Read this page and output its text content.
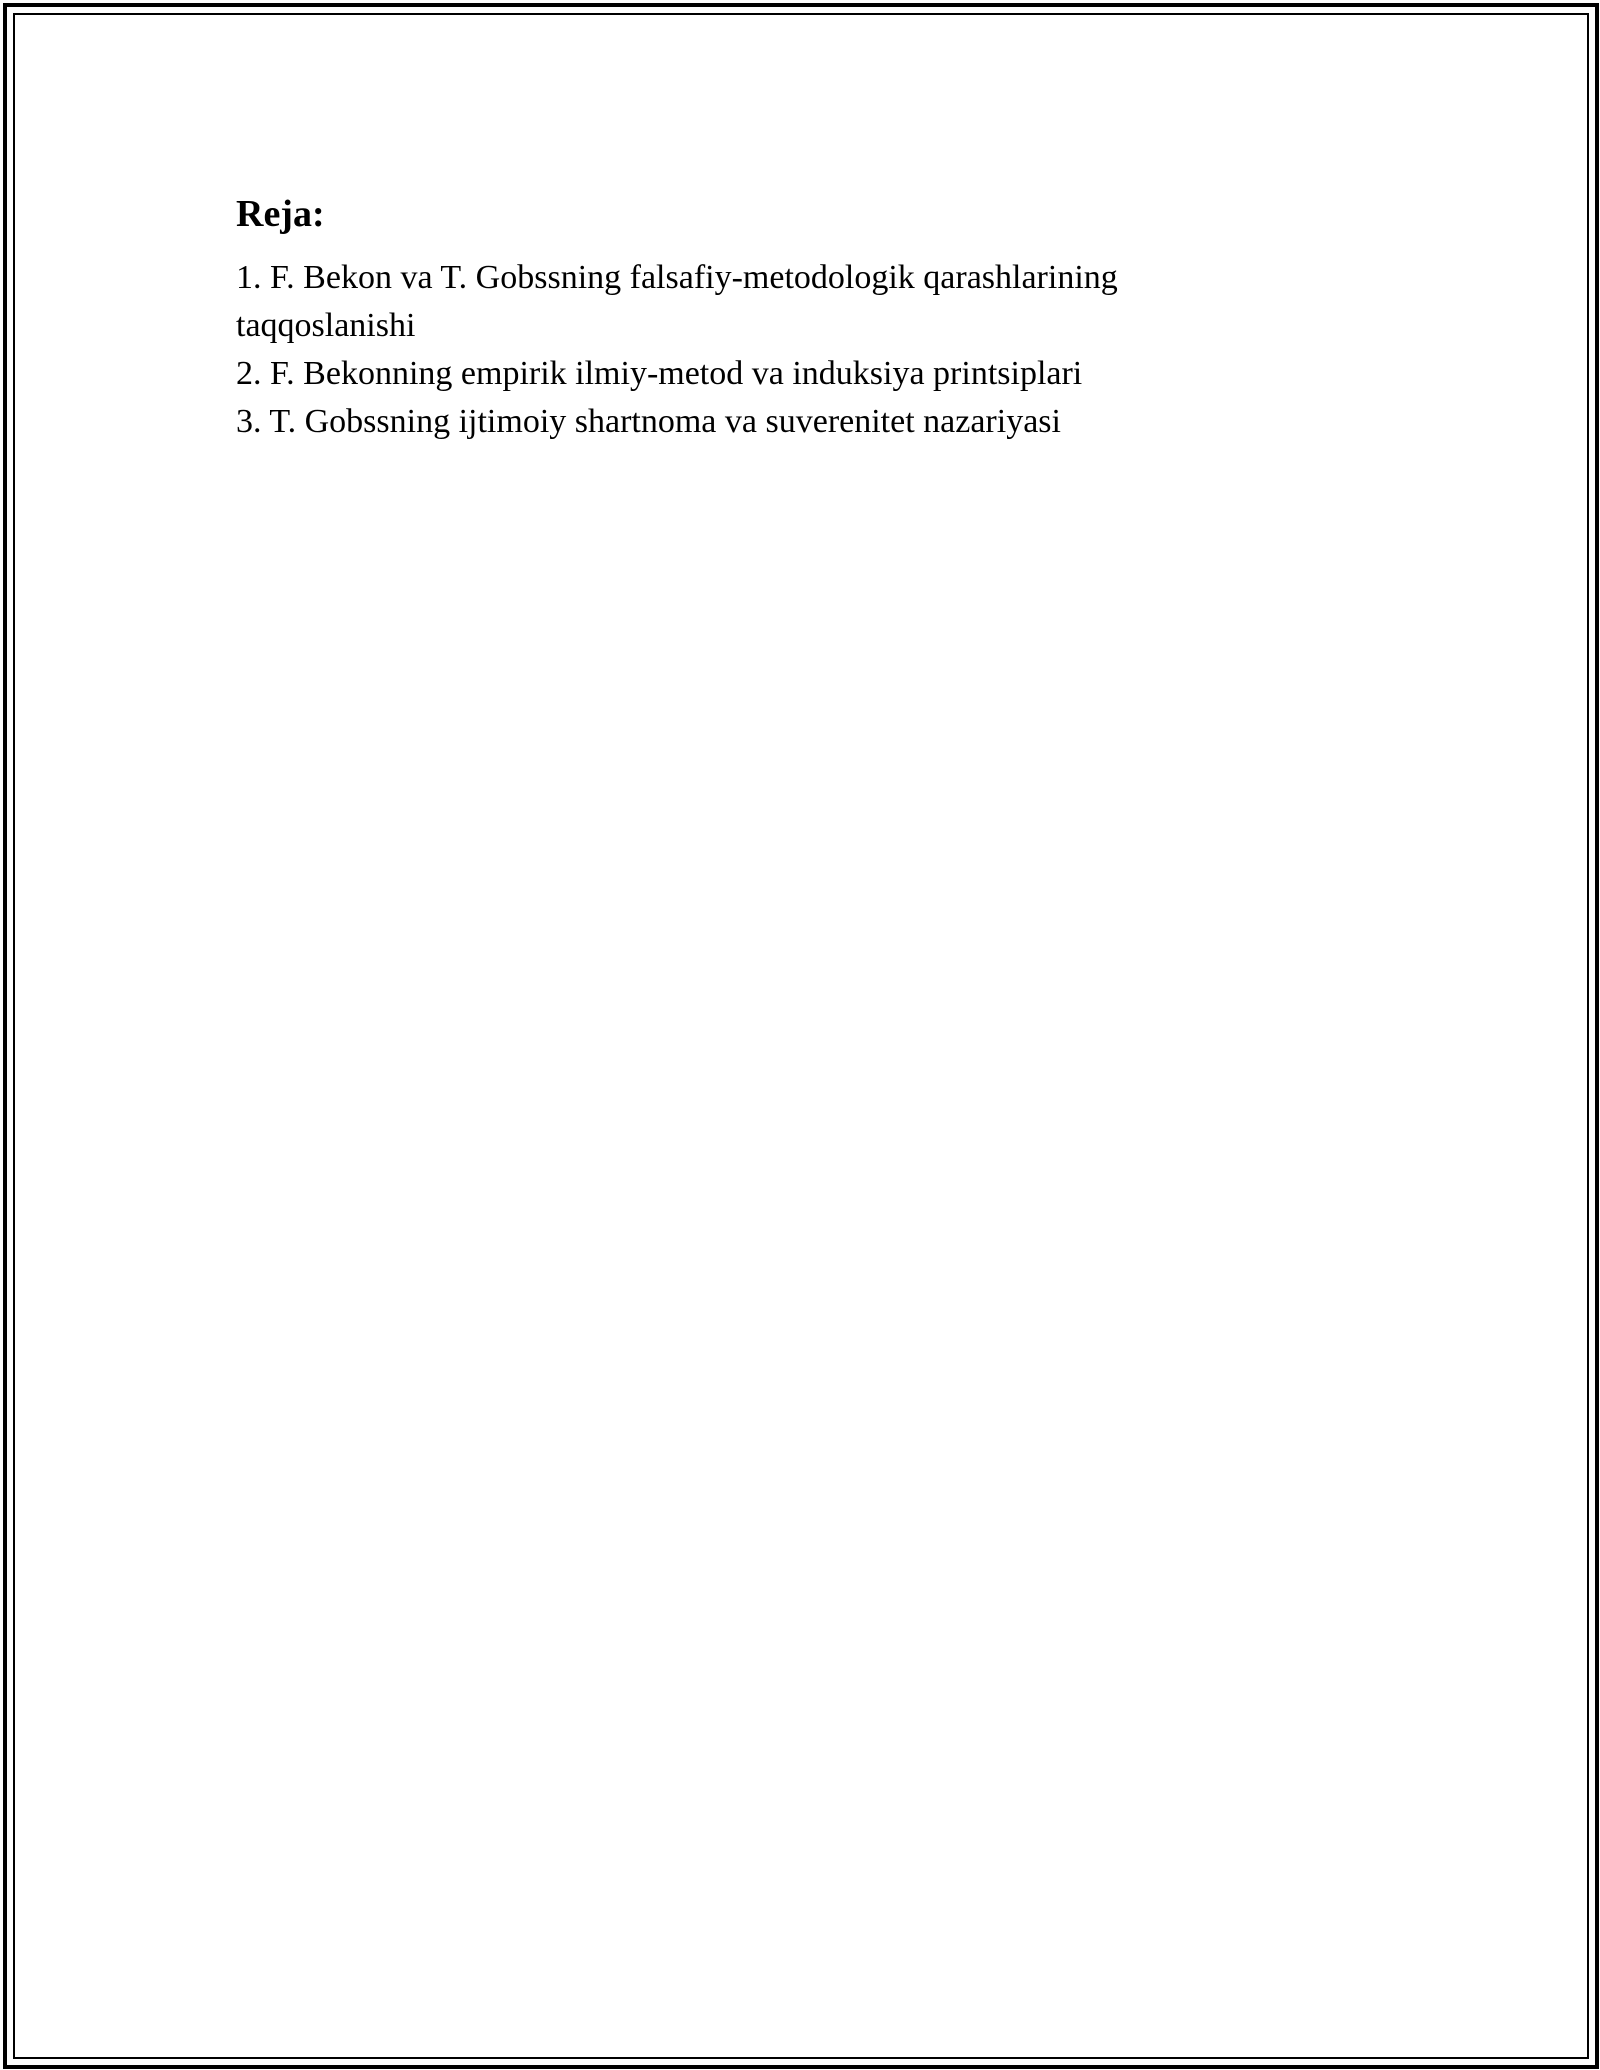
Reja:
1. F. Bekon va T. Gobssning falsafiy-metodologik qarashlarining taqqoslanishi
2. F. Bekonning empirik ilmiy-metod va induksiya printsiplari
3. T. Gobssning ijtimoiy shartnoma va suverenitet nazariyasi
